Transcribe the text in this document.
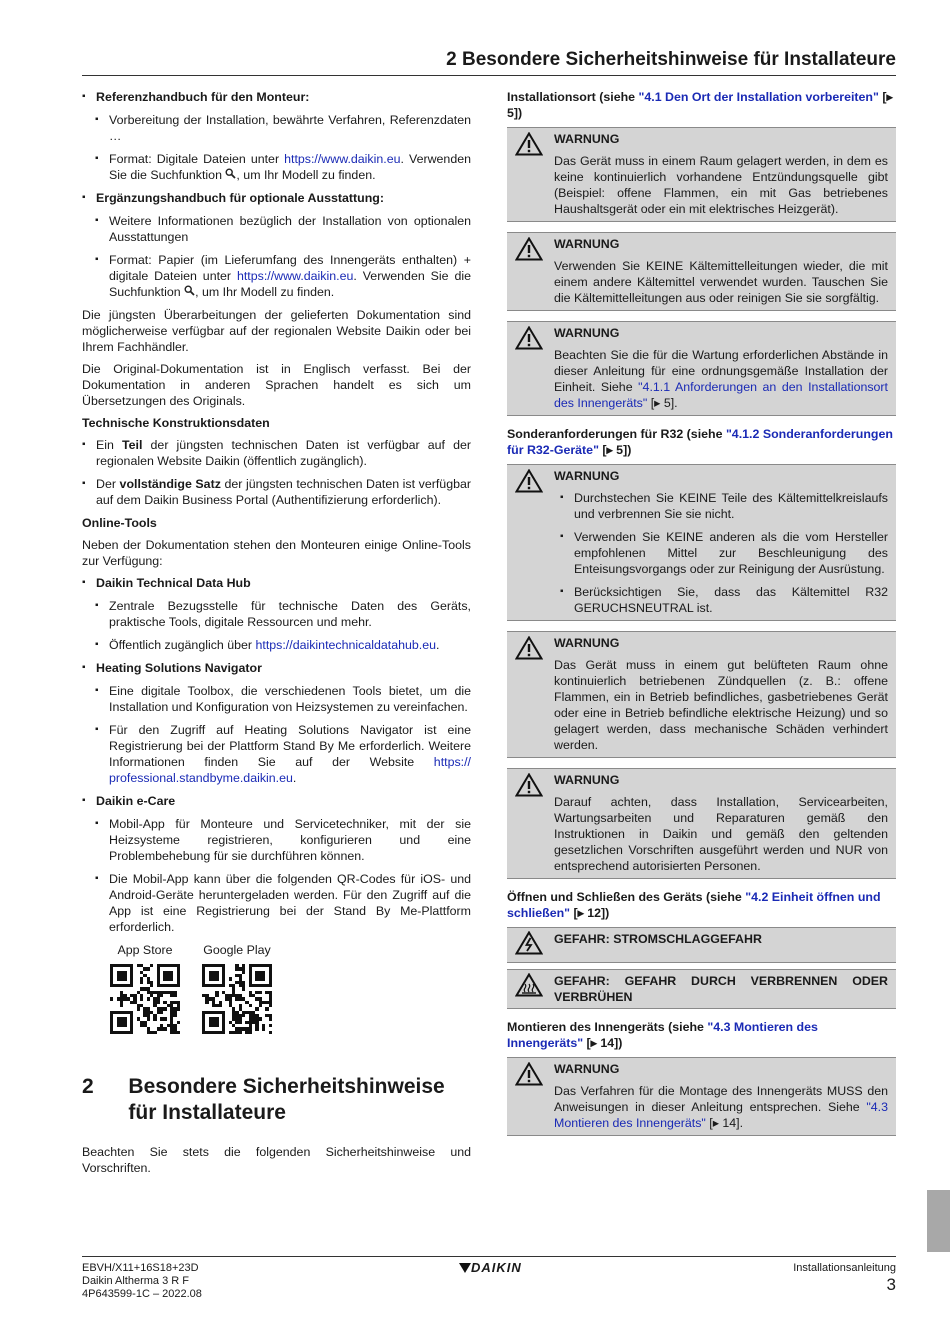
2 Besondere Sicherheitshinweise für Installateure
▪ Referenzhandbuch für den Monteur:
▪ Vorbereitung der Installation, bewährte Verfahren, Referenzdaten …
▪ Format: Digitale Dateien unter https://www.daikin.eu. Verwenden Sie die Suchfunktion , um Ihr Modell zu finden.
▪ Ergänzungshandbuch für optionale Ausstattung:
▪ Weitere Informationen bezüglich der Installation von optionalen Ausstattungen
▪ Format: Papier (im Lieferumfang des Innengeräts enthalten) + digitale Dateien unter https://www.daikin.eu. Verwenden Sie die Suchfunktion , um Ihr Modell zu finden.
Die jüngsten Überarbeitungen der gelieferten Dokumentation sind möglicherweise verfügbar auf der regionalen Website Daikin oder bei Ihrem Fachhändler.
Die Original-Dokumentation ist in Englisch verfasst. Bei der Dokumentation in anderen Sprachen handelt es sich um Übersetzungen des Originals.
Technische Konstruktionsdaten
▪ Ein Teil der jüngsten technischen Daten ist verfügbar auf der regionalen Website Daikin (öffentlich zugänglich).
▪ Der vollständige Satz der jüngsten technischen Daten ist verfügbar auf dem Daikin Business Portal (Authentifizierung erforderlich).
Online-Tools
Neben der Dokumentation stehen den Monteuren einige Online-Tools zur Verfügung:
▪ Daikin Technical Data Hub
▪ Zentrale Bezugsstelle für technische Daten des Geräts, praktische Tools, digitale Ressourcen und mehr.
▪ Öffentlich zugänglich über https://daikintechnicaldatahub.eu.
▪ Heating Solutions Navigator
▪ Eine digitale Toolbox, die verschiedenen Tools bietet, um die Installation und Konfiguration von Heizsystemen zu vereinfachen.
▪ Für den Zugriff auf Heating Solutions Navigator ist eine Registrierung bei der Plattform Stand By Me erforderlich. Weitere Informationen finden Sie auf der Website https:// professional.standbyme.daikin.eu.
▪ Daikin e-Care
▪ Mobil-App für Monteure und Servicetechniker, mit der sie Heizsysteme registrieren, konfigurieren und eine Problembehebung für sie durchführen können.
▪ Die Mobil-App kann über die folgenden QR-Codes für iOS- und Android-Geräte heruntergeladen werden. Für den Zugriff auf die App ist eine Registrierung bei der Stand By Me-Plattform erforderlich.
App Store	Google Play
2	Besondere Sicherheitshinweise für Installateure
Beachten Sie stets die folgenden Sicherheitshinweise und Vorschriften.
Installationsort (siehe "4.1 Den Ort der Installation vorbereiten" [▸ 5])
WARNUNG
Das Gerät muss in einem Raum gelagert werden, in dem es keine kontinuierlich vorhandene Entzündungsquelle gibt (Beispiel: offene Flammen, ein mit Gas betriebenes Haushaltsgerät oder ein mit elektrisches Heizgerät).
WARNUNG
Verwenden Sie KEINE Kältemittelleitungen wieder, die mit einem andere Kältemittel verwendet wurden. Tauschen Sie die Kältemittelleitungen aus oder reinigen Sie sie sorgfältig.
WARNUNG
Beachten Sie die für die Wartung erforderlichen Abstände in dieser Anleitung für eine ordnungsgemäße Installation der Einheit. Siehe "4.1.1 Anforderungen an den Installationsort des Innengeräts" [▸ 5].
Sonderanforderungen für R32 (siehe "4.1.2 Sonderanforderungen für R32-Geräte" [▸ 5])
WARNUNG
▪ Durchstechen Sie KEINE Teile des Kältemittelkreislaufs und verbrennen Sie sie nicht.
▪ Verwenden Sie KEINE anderen als die vom Hersteller empfohlenen Mittel zur Beschleunigung des Enteisungsvorgangs oder zur Reinigung der Ausrüstung.
▪ Berücksichtigen Sie, dass das Kältemittel R32 GERUCHSNEUTRAL ist.
WARNUNG
Das Gerät muss in einem gut belüfteten Raum ohne kontinuierlich betriebenen Zündquellen (z. B.: offene Flammen, ein in Betrieb befindliches, gasbetriebenes Gerät oder eine in Betrieb befindliche elektrische Heizung) und so gelagert werden, dass mechanische Schäden verhindert werden.
WARNUNG
Darauf achten, dass Installation, Servicearbeiten, Wartungsarbeiten und Reparaturen gemäß den Instruktionen in Daikin und gemäß den geltenden gesetzlichen Vorschriften ausgeführt werden und NUR von entsprechend autorisierten Personen.
Öffnen und Schließen des Geräts (siehe "4.2 Einheit öffnen und schließen" [▸ 12])
GEFAHR: STROMSCHLAGGEFAHR
GEFAHR: GEFAHR DURCH VERBRENNEN ODER VERBRÜHEN
Montieren des Innengeräts (siehe "4.3 Montieren des Innengeräts" [▸ 14])
WARNUNG
Das Verfahren für die Montage des Innengeräts MUSS den Anweisungen in dieser Anleitung entsprechen. Siehe "4.3 Montieren des Innengeräts" [▸ 14].
EBVH/X11+16S18+23D
Daikin Altherma 3 R F
4P643599-1C – 2022.08
DAIKIN	Installationsanleitung
3
